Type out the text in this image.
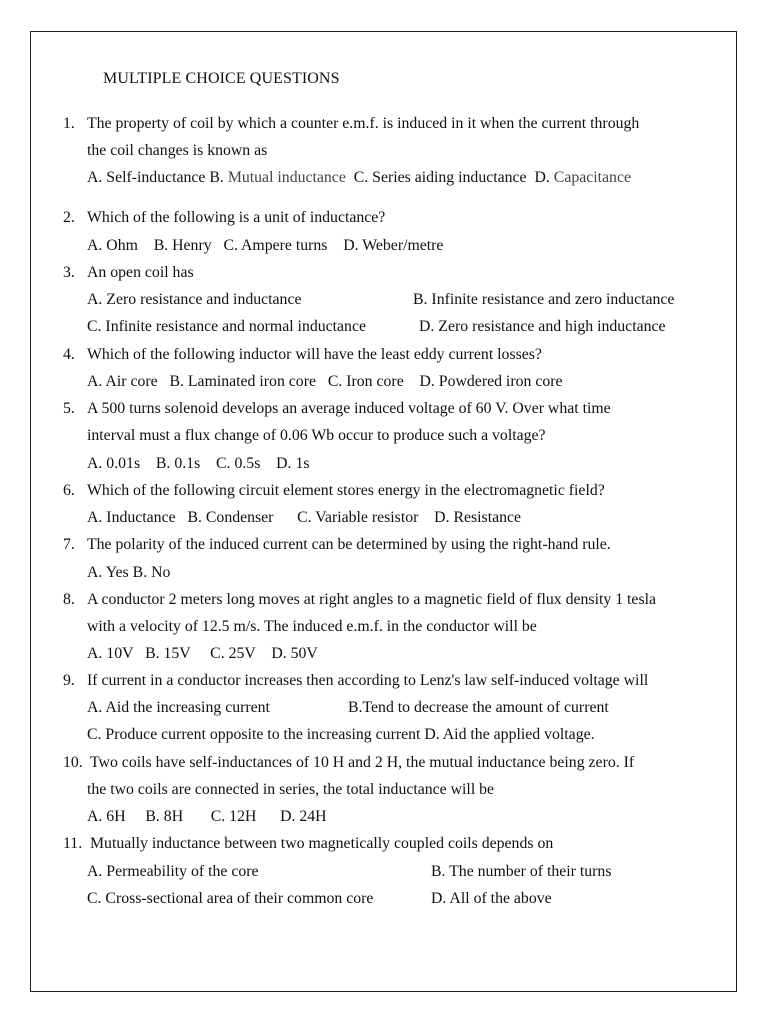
MULTIPLE CHOICE QUESTIONS
1. The property of coil by which a counter e.m.f. is induced in it when the current through
the coil changes is known as
A. Self-inductance B. Mutual inductance  C. Series aiding inductance  D. Capacitance
2. Which of the following is a unit of inductance?
A. Ohm    B. Henry   C. Ampere turns    D. Weber/metre
3. An open coil has
A. Zero resistance and inductance	B. Infinite resistance and zero inductance
C. Infinite resistance and normal inductance	D. Zero resistance and high inductance
4. Which of the following inductor will have the least eddy current losses?
A. Air core   B. Laminated iron core   C. Iron core    D. Powdered iron core
5. A 500 turns solenoid develops an average induced voltage of 60 V. Over what time
interval must a flux change of 0.06 Wb occur to produce such a voltage?
A. 0.01s    B. 0.1s    C. 0.5s    D. 1s
6. Which of the following circuit element stores energy in the electromagnetic field?
A. Inductance   B. Condenser      C. Variable resistor    D. Resistance
7. The polarity of the induced current can be determined by using the right-hand rule.
A. Yes B. No
8. A conductor 2 meters long moves at right angles to a magnetic field of flux density 1 tesla
with a velocity of 12.5 m/s. The induced e.m.f. in the conductor will be
A. 10V   B. 15V     C. 25V    D. 50V
9. If current in a conductor increases then according to Lenz's law self-induced voltage will
A. Aid the increasing current	B.Tend to decrease the amount of current
C. Produce current opposite to the increasing current D. Aid the applied voltage.
10. Two coils have self-inductances of 10 H and 2 H, the mutual inductance being zero. If
the two coils are connected in series, the total inductance will be
A. 6H     B. 8H       C. 12H      D. 24H
11. Mutually inductance between two magnetically coupled coils depends on
A. Permeability of the core	B. The number of their turns
C. Cross-sectional area of their common core	D. All of the above
